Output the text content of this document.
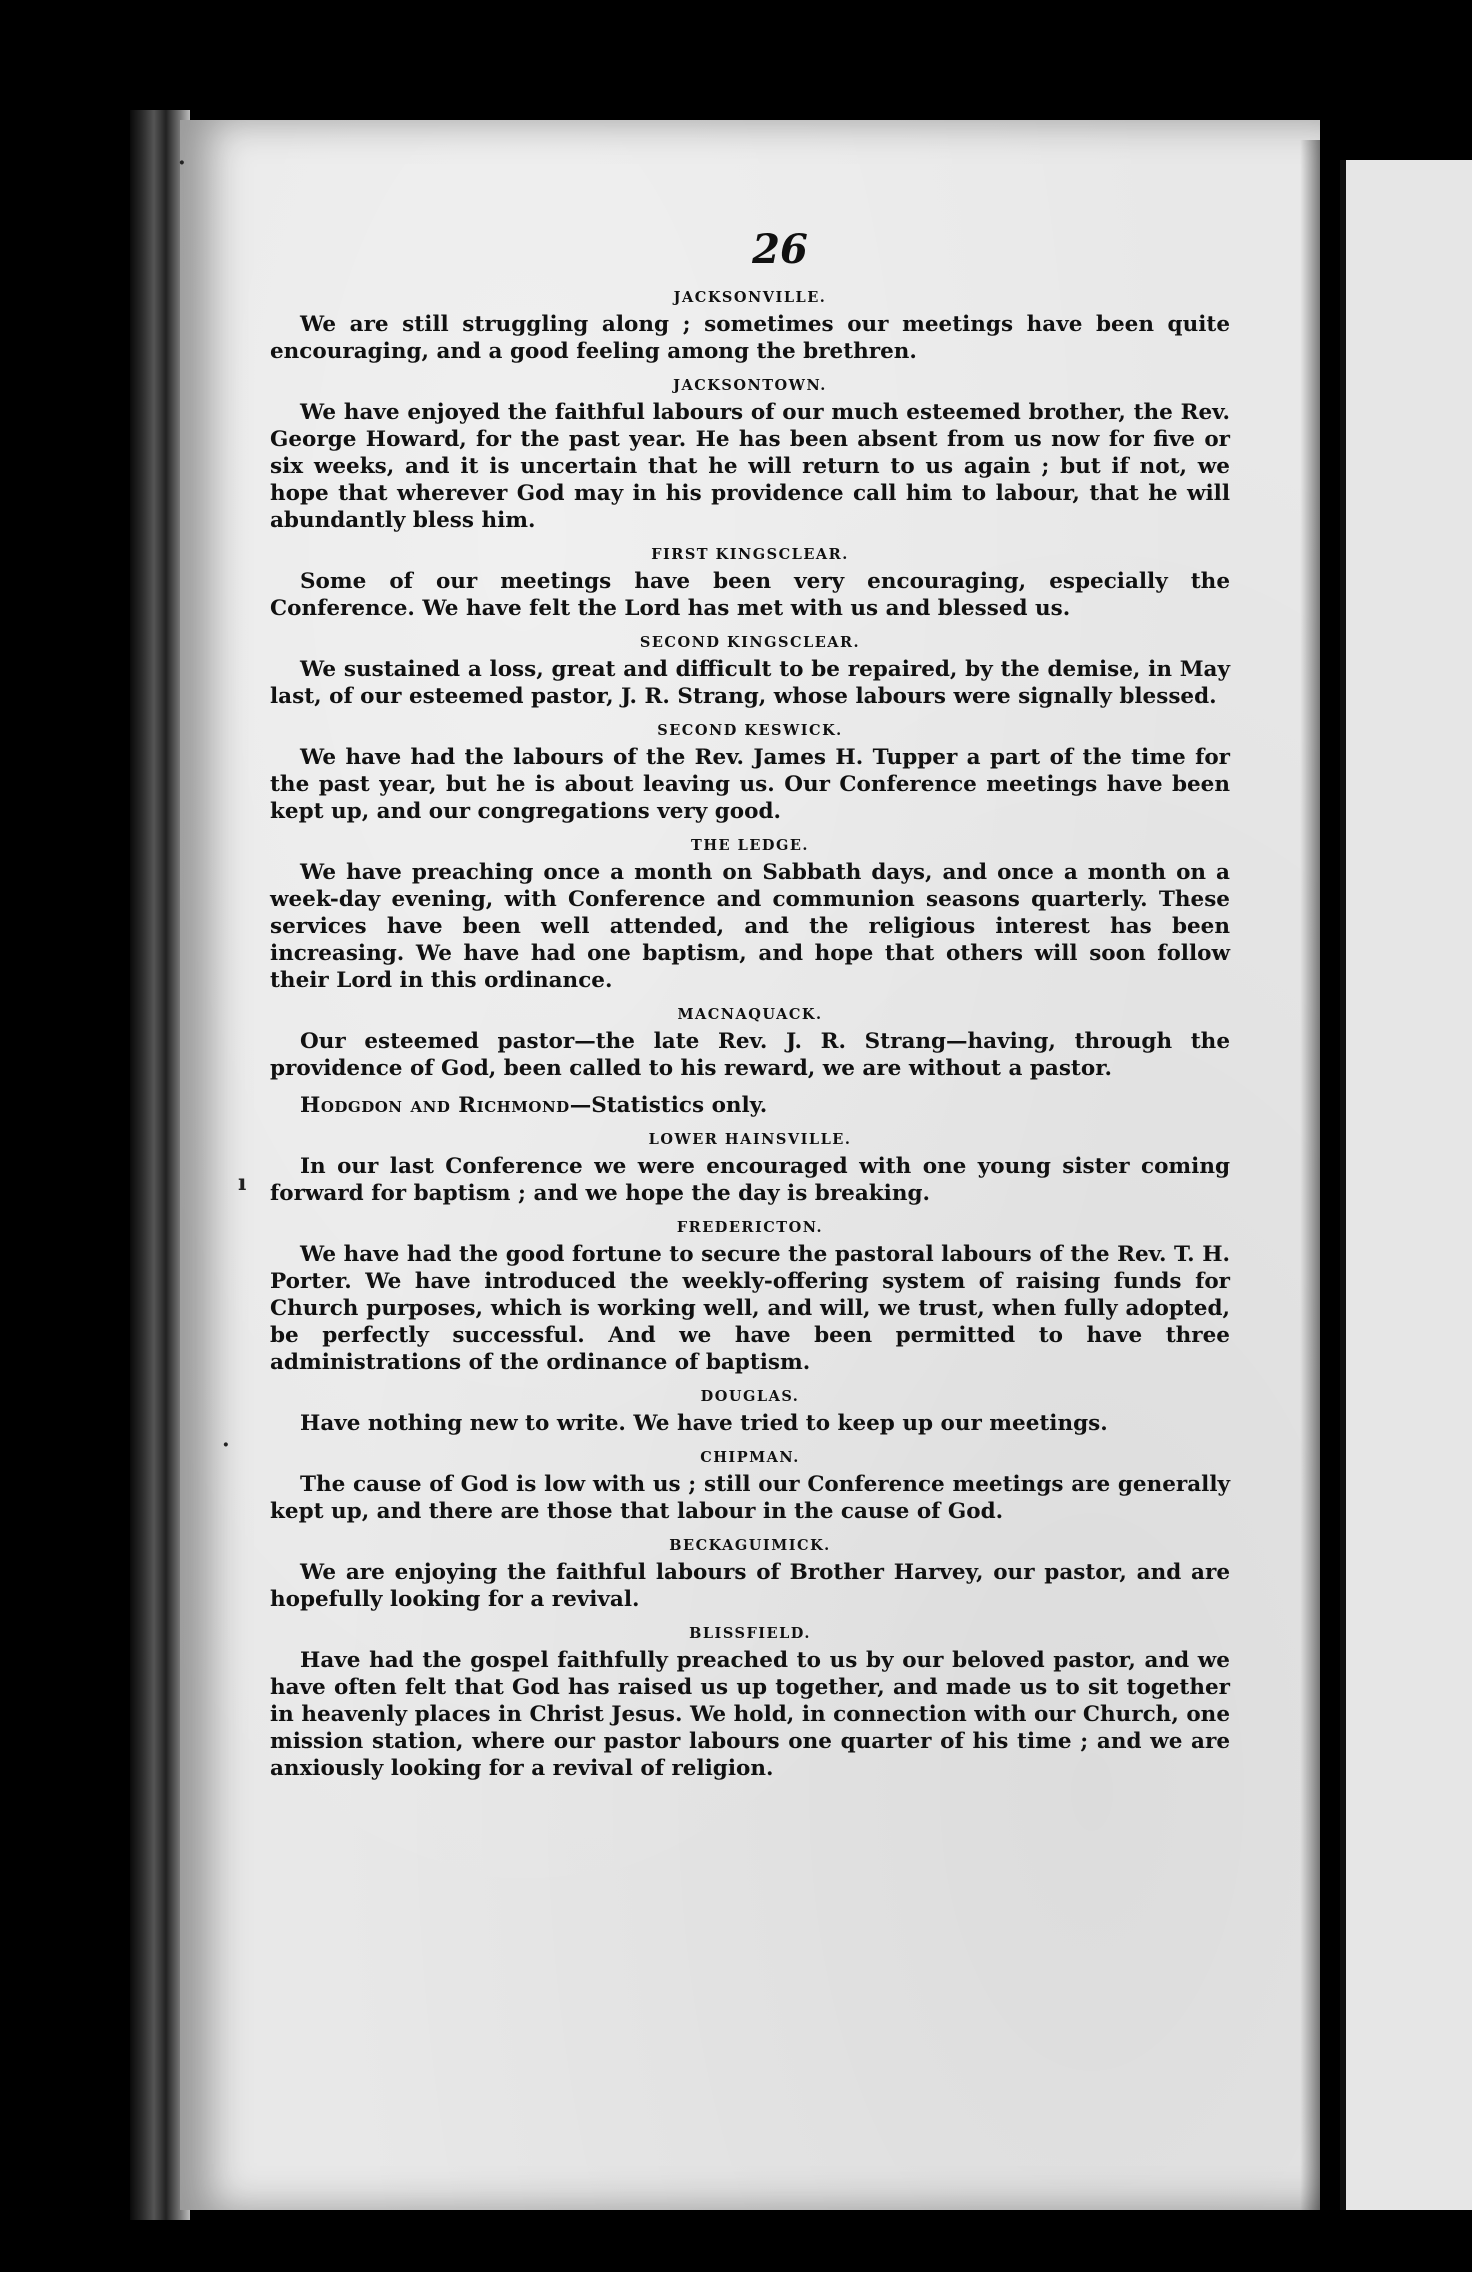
·
ı
·
26
JACKSONVILLE.

We are still struggling along ; sometimes our meetings have been quite encouraging, and a good feeling among the brethren.

JACKSONTOWN.

We have enjoyed the faithful labours of our much esteemed brother, the Rev. George Howard, for the past year. He has been absent from us now for five or six weeks, and it is uncertain that he will return to us again ; but if not, we hope that wherever God may in his providence call him to labour, that he will abundantly bless him.

FIRST KINGSCLEAR.

Some of our meetings have been very encouraging, especially the Conference. We have felt the Lord has met with us and blessed us.

SECOND KINGSCLEAR.

We sustained a loss, great and difficult to be repaired, by the demise, in May last, of our esteemed pastor, J. R. Strang, whose labours were signally blessed.

SECOND KESWICK.

We have had the labours of the Rev. James H. Tupper a part of the time for the past year, but he is about leaving us. Our Conference meetings have been kept up, and our congregations very good.

THE LEDGE.

We have preaching once a month on Sabbath days, and once a month on a week-day evening, with Conference and communion seasons quarterly. These services have been well attended, and the religious interest has been increasing. We have had one baptism, and hope that others will soon follow their Lord in this ordinance.

MACNAQUACK.

Our esteemed pastor—the late Rev. J. R. Strang—having, through the providence of God, been called to his reward, we are without a pastor.

Hodgdon and Richmond—Statistics only.

LOWER HAINSVILLE.

In our last Conference we were encouraged with one young sister coming forward for baptism ; and we hope the day is breaking.

FREDERICTON.

We have had the good fortune to secure the pastoral labours of the Rev. T. H. Porter. We have introduced the weekly-offering system of raising funds for Church purposes, which is working well, and will, we trust, when fully adopted, be perfectly successful. And we have been permitted to have three administrations of the ordinance of baptism.

DOUGLAS.

Have nothing new to write. We have tried to keep up our meetings.

CHIPMAN.

The cause of God is low with us ; still our Conference meetings are generally kept up, and there are those that labour in the cause of God.

BECKAGUIMICK.

We are enjoying the faithful labours of Brother Harvey, our pastor, and are hopefully looking for a revival.

BLISSFIELD.

Have had the gospel faithfully preached to us by our beloved pastor, and we have often felt that God has raised us up together, and made us to sit together in heavenly places in Christ Jesus. We hold, in connection with our Church, one mission station, where our pastor labours one quarter of his time ; and we are anxiously looking for a revival of religion.
